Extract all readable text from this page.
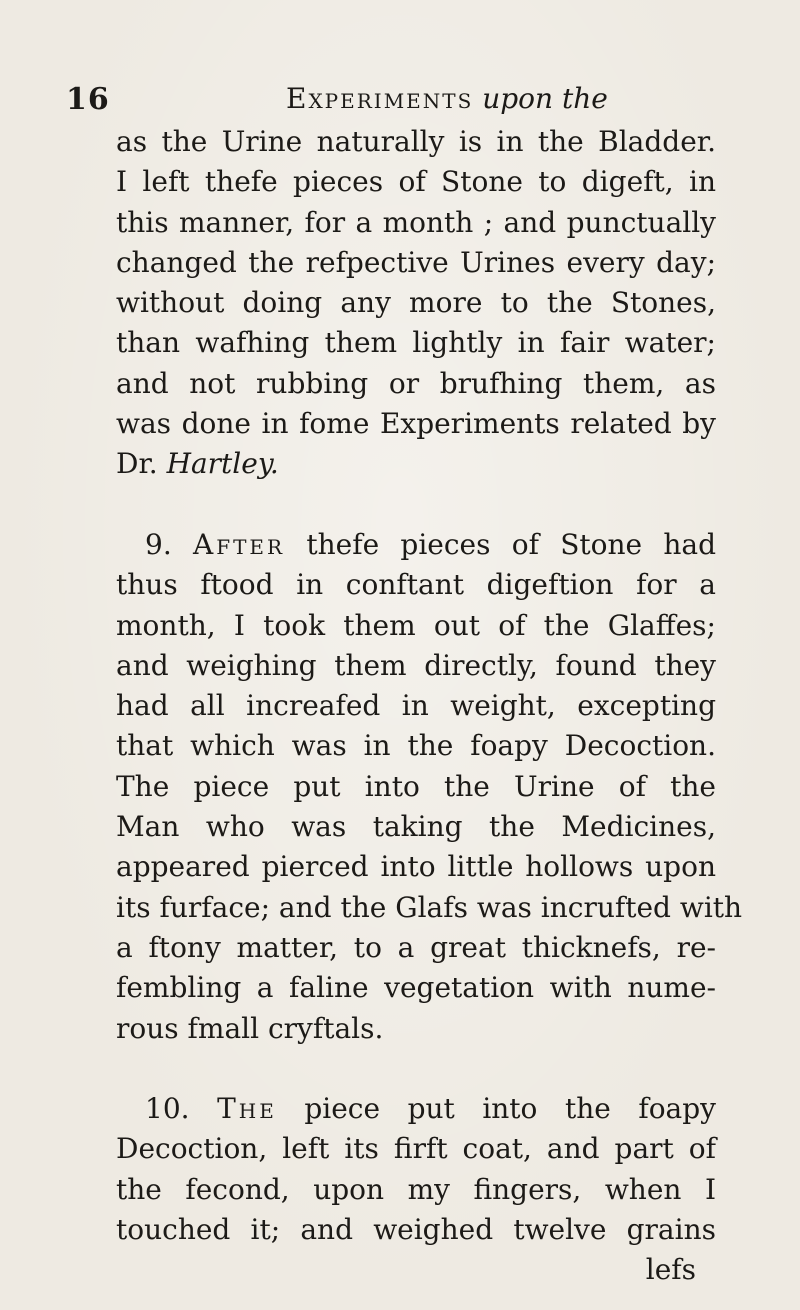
16	Experiments upon the
as the Urine naturally is in the Bladder.
I left thefe pieces of Stone to digeft, in
this manner, for a month ; and punctually
changed the refpective Urines every day;
without doing any more to the Stones,
than wafhing them lightly in fair water;
and not rubbing or brufhing them, as
was done in fome Experiments related by
Dr. Hartley.
9. After thefe pieces of Stone had
thus ftood in conftant digeftion for a
month, I took them out of the Glaffes;
and weighing them directly, found they
had all increafed in weight, excepting
that which was in the foapy Decoction.
The piece put into the Urine of the
Man who was taking the Medicines,
appeared pierced into little hollows upon
its furface; and the Glafs was incrufted with
a ftony matter, to a great thicknefs, re-
fembling a faline vegetation with nume-
rous fmall cryftals.
10. The piece put into the foapy
Decoction, left its firft coat, and part of
the fecond, upon my fingers, when I
touched it; and weighed twelve grains
lefs
